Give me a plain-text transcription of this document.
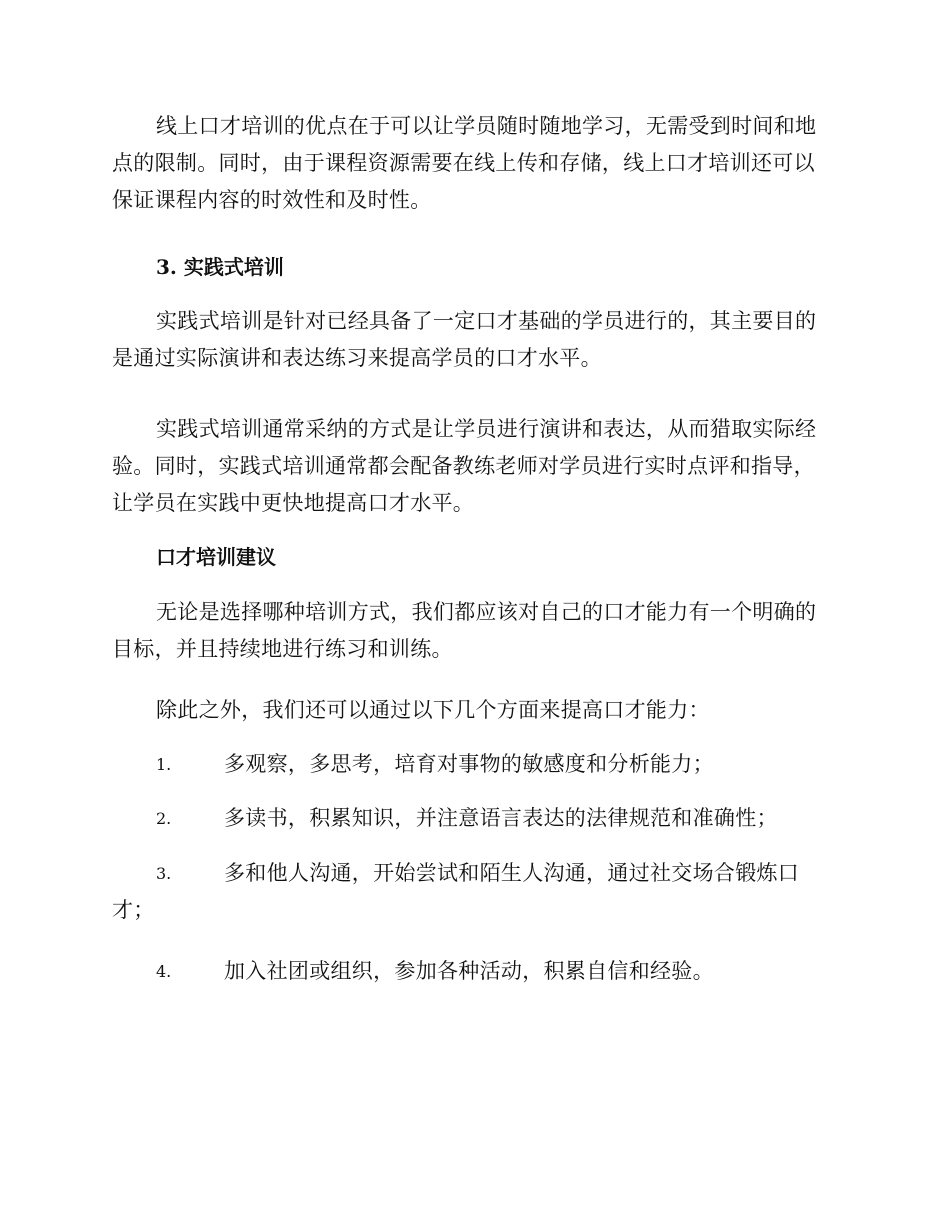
线上口才培训的优点在于可以让学员随时随地学习，无需受到时间和地点的限制。同时，由于课程资源需要在线上传和存储，线上口才培训还可以保证课程内容的时效性和及时性。

3. 实践式培训

实践式培训是针对已经具备了一定口才基础的学员进行的，其主要目的是通过实际演讲和表达练习来提高学员的口才水平。

实践式培训通常采纳的方式是让学员进行演讲和表达，从而猎取实际经验。同时，实践式培训通常都会配备教练老师对学员进行实时点评和指导，让学员在实践中更快地提高口才水平。

口才培训建议

无论是选择哪种培训方式，我们都应该对自己的口才能力有一个明确的目标，并且持续地进行练习和训练。

除此之外，我们还可以通过以下几个方面来提高口才能力：

1.	多观察，多思考，培育对事物的敏感度和分析能力；

2.	多读书，积累知识，并注意语言表达的法律规范和准确性；

3.	多和他人沟通，开始尝试和陌生人沟通，通过社交场合锻炼口才；

4.	加入社团或组织，参加各种活动，积累自信和经验。
